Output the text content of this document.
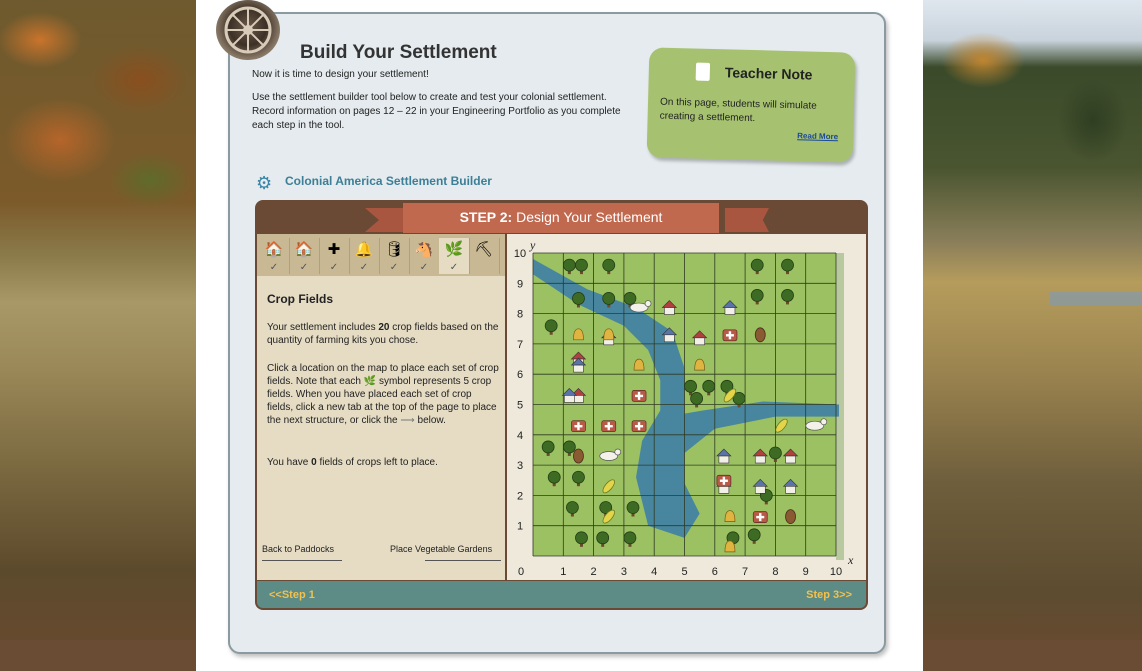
Build Your Settlement
Now it is time to design your settlement!
Use the settlement builder tool below to create and test your colonial settlement. Record information on pages 12 – 22 in your Engineering Portfolio as you complete each step in the tool.
Teacher Note
On this page, students will simulate creating a settlement.
Read More
⚙ Colonial America Settlement Builder
STEP 2: Design Your Settlement
🏠
✓
🏠
✓
✚
✓
🔔
✓
🛢
✓
🐴
✓
🌿
✓
⛏
Crop Fields
Your settlement includes 20 crop fields based on the quantity of farming kits you chose.
Click a location on the map to place each set of crop fields. Note that each 🌿 symbol represents 5 crop fields. When you have placed each set of crop fields, click a new tab at the top of the page to place the next structure, or click the ⟶ below.
You have 0 fields of crops left to place.
Back to Paddocks	Place Vegetable Gardens
0	1 2 3 4 5 6 7 8 9 10
1
2
3
4
5
6
7
8
9
10
y
x
<<Step 1	Step 3>>
